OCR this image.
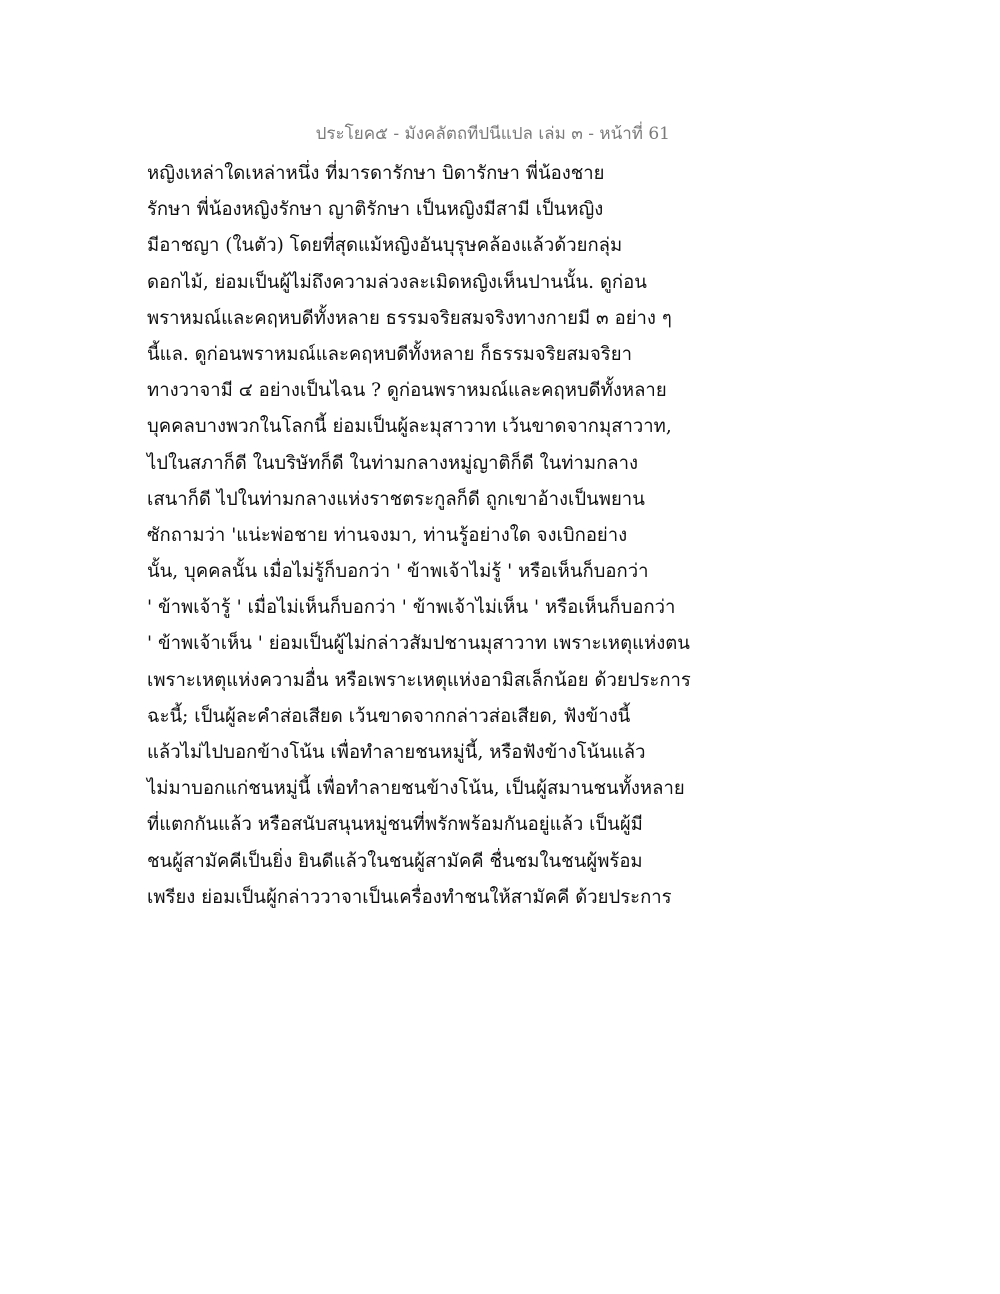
ประโยค๕ - มังคลัตถทีปนีแปล เล่ม ๓ - หน้าที่ 61
หญิงเหล่าใดเหล่าหนึ่ง ที่มารดารักษา บิดารักษา พี่น้องชาย
รักษา พี่น้องหญิงรักษา ญาติรักษา เป็นหญิงมีสามี เป็นหญิง
มีอาชญา (ในตัว) โดยที่สุดแม้หญิงอันบุรุษคล้องแล้วด้วยกลุ่ม
ดอกไม้, ย่อมเป็นผู้ไม่ถึงความล่วงละเมิดหญิงเห็นปานนั้น. ดูก่อน
พราหมณ์และคฤหบดีทั้งหลาย ธรรมจริยสมจริงทางกายมี ๓ อย่าง ๆ
นี้แล. ดูก่อนพราหมณ์และคฤหบดีทั้งหลาย ก็ธรรมจริยสมจริยา
ทางวาจามี ๔ อย่างเป็นไฉน ? ดูก่อนพราหมณ์และคฤหบดีทั้งหลาย
บุคคลบางพวกในโลกนี้ ย่อมเป็นผู้ละมุสาวาท เว้นขาดจากมุสาวาท,
ไปในสภาก็ดี ในบริษัทก็ดี ในท่ามกลางหมู่ญาติก็ดี ในท่ามกลาง
เสนาก็ดี ไปในท่ามกลางแห่งราชตระกูลก็ดี ถูกเขาอ้างเป็นพยาน
ซักถามว่า 'แน่ะพ่อชาย ท่านจงมา, ท่านรู้อย่างใด จงเบิกอย่าง
นั้น, บุคคลนั้น เมื่อไม่รู้ก็บอกว่า ' ข้าพเจ้าไม่รู้ ' หรือเห็นก็บอกว่า
' ข้าพเจ้ารู้ ' เมื่อไม่เห็นก็บอกว่า ' ข้าพเจ้าไม่เห็น ' หรือเห็นก็บอกว่า
' ข้าพเจ้าเห็น ' ย่อมเป็นผู้ไม่กล่าวสัมปชานมุสาวาท เพราะเหตุแห่งตน
เพราะเหตุแห่งความอื่น หรือเพราะเหตุแห่งอามิสเล็กน้อย ด้วยประการ
ฉะนี้; เป็นผู้ละคำส่อเสียด เว้นขาดจากกล่าวส่อเสียด, ฟังข้างนี้
แล้วไม่ไปบอกข้างโน้น เพื่อทำลายชนหมู่นี้, หรือฟังข้างโน้นแล้ว
ไม่มาบอกแก่ชนหมู่นี้ เพื่อทำลายชนข้างโน้น, เป็นผู้สมานชนทั้งหลาย
ที่แตกกันแล้ว หรือสนับสนุนหมู่ชนที่พรักพร้อมกันอยู่แล้ว เป็นผู้มี
ชนผู้สามัคคีเป็นยิ่ง ยินดีแล้วในชนผู้สามัคคี ชื่นชมในชนผู้พร้อม
เพรียง ย่อมเป็นผู้กล่าววาจาเป็นเครื่องทำชนให้สามัคคี ด้วยประการ
